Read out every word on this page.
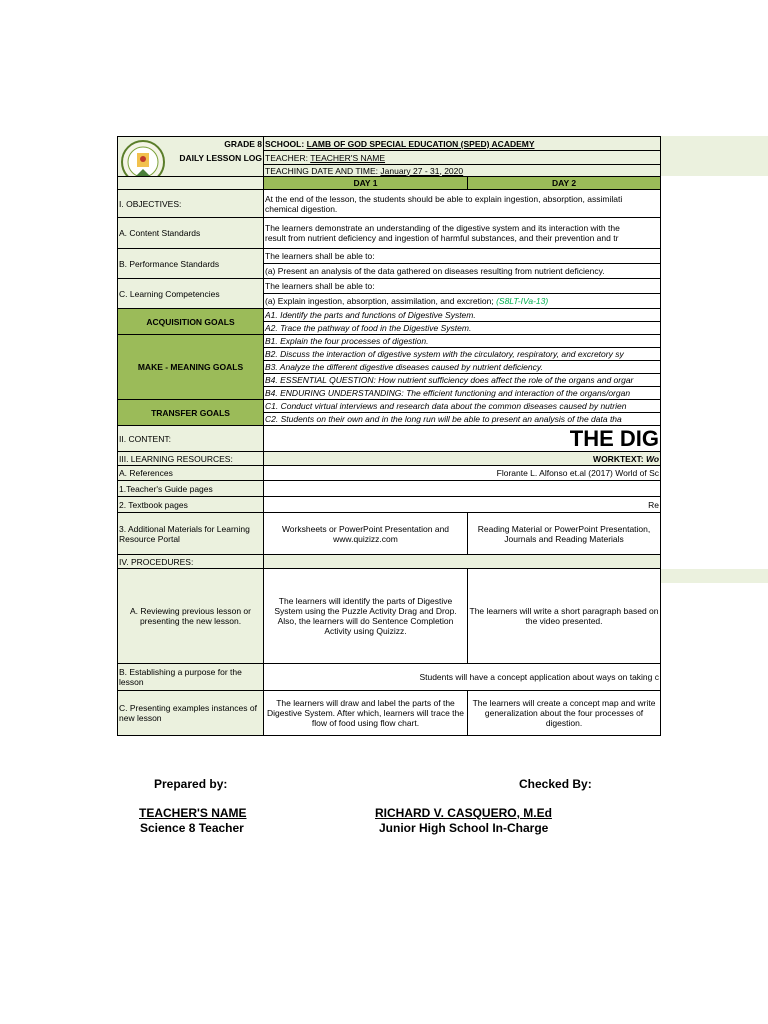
GRADE 8
DAILY LESSON LOG	SCHOOL: LAMB OF GOD SPECIAL EDUCATION (SPED) ACADEMY	
	TEACHER: TEACHER'S NAME	
	TEACHING DATE AND TIME: January 27 - 31, 2020	
	DAY 1	DAY 2
I. OBJECTIVES:	At the end of the lesson, the students should be able to explain ingestion, absorption, assimilati
chemical digestion.	

A. Content Standards	The learners demonstrate an understanding of the digestive system and its interaction with the
result from nutrient deficiency and ingestion of harmful substances, and their prevention and tr	

B. Performance Standards	The learners shall be able to:	
	(a) Present an analysis of the data gathered on diseases resulting from nutrient deficiency.	
C. Learning Competencies	The learners shall be able to:	
	(a) Explain ingestion, absorption, assimilation, and excretion; (S8LT-IVa-13)	
ACQUISITION GOALS	A1. Identify the parts and functions of Digestive System.	
	A2. Trace the pathway of food in the Digestive System.	
MAKE - MEANING GOALS	B1. Explain the four processes of digestion.	
	B2. Discuss the interaction of digestive system with the circulatory, respiratory, and excretory sy	
	B3. Analyze the different digestive diseases caused by nutrient deficiency.	
	B4. ESSENTIAL QUESTION: How nutrient sufficiency does affect the role of the organs and orgar	
	B4. ENDURING UNDERSTANDING: The efficient functioning and interaction of the organs/organ	
TRANSFER GOALS	C1. Conduct virtual interviews and research data about the common diseases caused by nutrien	
	C2. Students on their own and in the long run will be able to present an analysis of the data tha	
II. CONTENT:	THE DIG	
III. LEARNING RESOURCES:	WORKTEXT: Wo	
A. References	Florante L. Alfonso et.al (2017) World of Sc	
1.Teacher's Guide pages		
2. Textbook pages	Re	
3. Additional Materials for Learning Resource Portal	Worksheets or PowerPoint Presentation and www.quizizz.com	Reading Material or PowerPoint Presentation, Journals and Reading Materials
IV. PROCEDURES:		
A. Reviewing previous lesson or presenting the new lesson.	The learners will identify the parts of Digestive System using the Puzzle Activity Drag and Drop. Also, the learners will do Sentence Completion Activity using Quizizz.	The learners will write a short paragraph based on the video presented.
B. Establishing a purpose for the lesson	Students will have a concept application about ways on taking c	
C. Presenting examples instances of new lesson	The learners will draw and label the parts of the Digestive System. After which, learners will trace the flow of food using flow chart.	The learners will create a concept map and write generalization about the four processes of digestion.
Prepared by:
TEACHER'S NAME
Science 8 Teacher
Checked By:
RICHARD V. CASQUERO, M.Ed
Junior High School In-Charge
